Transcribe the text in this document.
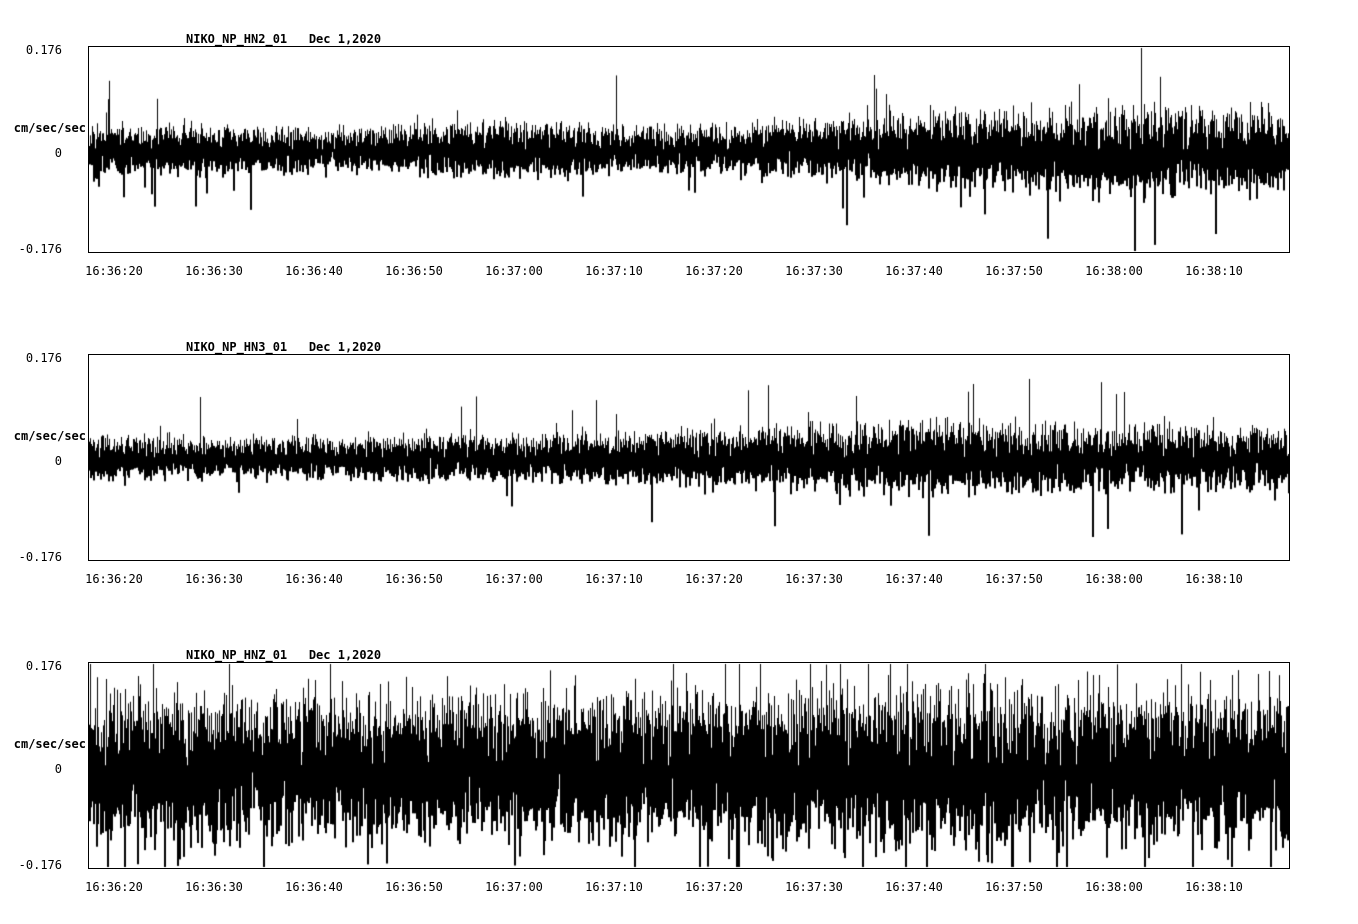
NIKO_NP_HN2_01   Dec 1,2020
0.176
cm/sec/sec
0
-0.176
16:36:20	16:36:30	16:36:40	16:36:50	16:37:00	16:37:10	16:37:20	16:37:30	16:37:40	16:37:50	16:38:00	16:38:10
NIKO_NP_HN3_01   Dec 1,2020
0.176
cm/sec/sec
0
-0.176
16:36:20	16:36:30	16:36:40	16:36:50	16:37:00	16:37:10	16:37:20	16:37:30	16:37:40	16:37:50	16:38:00	16:38:10
NIKO_NP_HNZ_01   Dec 1,2020
0.176
cm/sec/sec
0
-0.176
16:36:20	16:36:30	16:36:40	16:36:50	16:37:00	16:37:10	16:37:20	16:37:30	16:37:40	16:37:50	16:38:00	16:38:10
